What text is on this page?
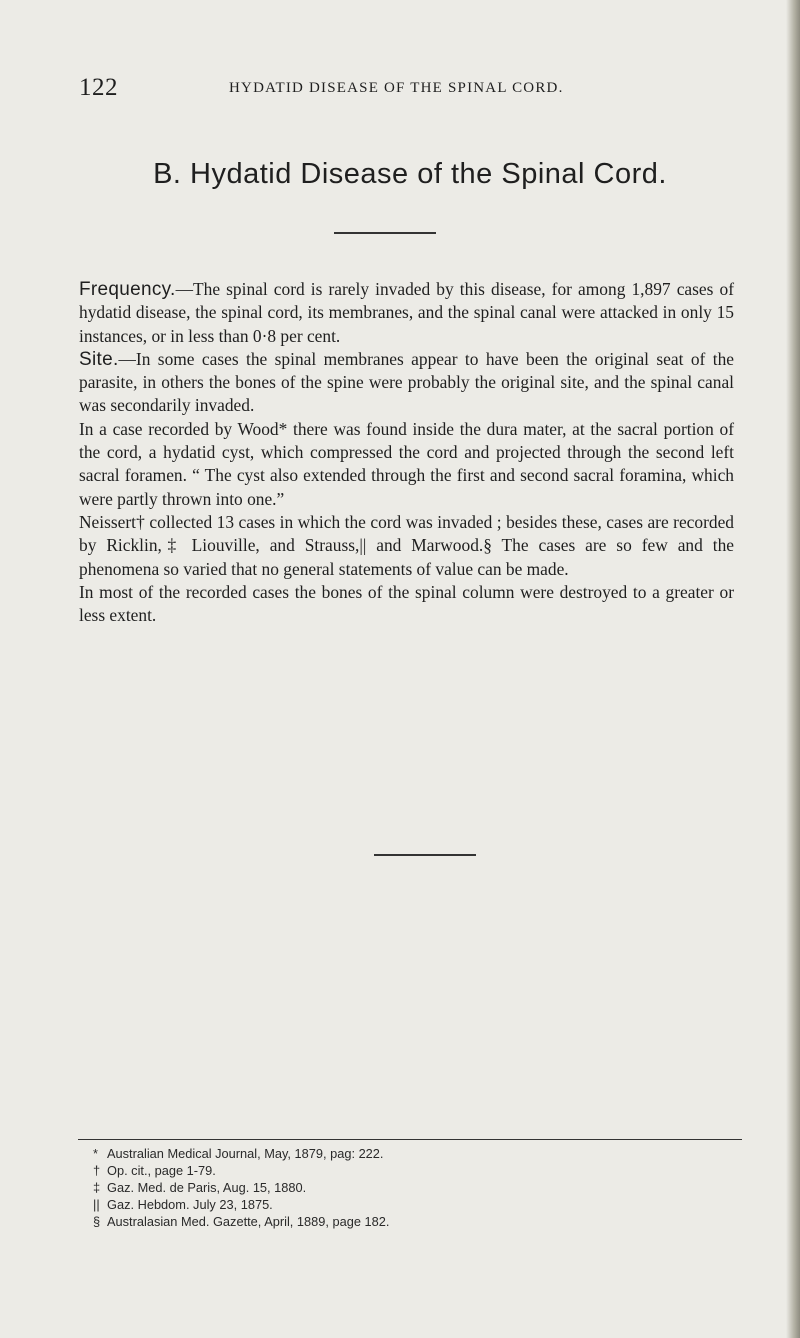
122	HYDATID DISEASE OF THE SPINAL CORD.
B. Hydatid Disease of the Spinal Cord.

Frequency.—The spinal cord is rarely invaded by this disease, for among 1,897 cases of hydatid disease, the spinal cord, its membranes, and the spinal canal were attacked in only 15 instances, or in less than 0·8 per cent.

Site.—In some cases the spinal membranes appear to have been the original seat of the parasite, in others the bones of the spine were probably the original site, and the spinal canal was secondarily invaded.

In a case recorded by Wood* there was found inside the dura mater, at the sacral portion of the cord, a hydatid cyst, which compressed the cord and projected through the second left sacral foramen. “ The cyst also extended through the first and second sacral foramina, which were partly thrown into one.”

Neissert† collected 13 cases in which the cord was invaded ; besides these, cases are recorded by Ricklin,‡ Liouville, and Strauss,|| and Marwood.§ The cases are so few and the phenomena so varied that no general statements of value can be made.

In most of the recorded cases the bones of the spinal column were destroyed to a greater or less extent.

* Australian Medical Journal, May, 1879, pag: 222.
† Op. cit., page 1-79.
‡ Gaz. Med. de Paris, Aug. 15, 1880.
|| Gaz. Hebdom. July 23, 1875.
§ Australasian Med. Gazette, April, 1889, page 182.
